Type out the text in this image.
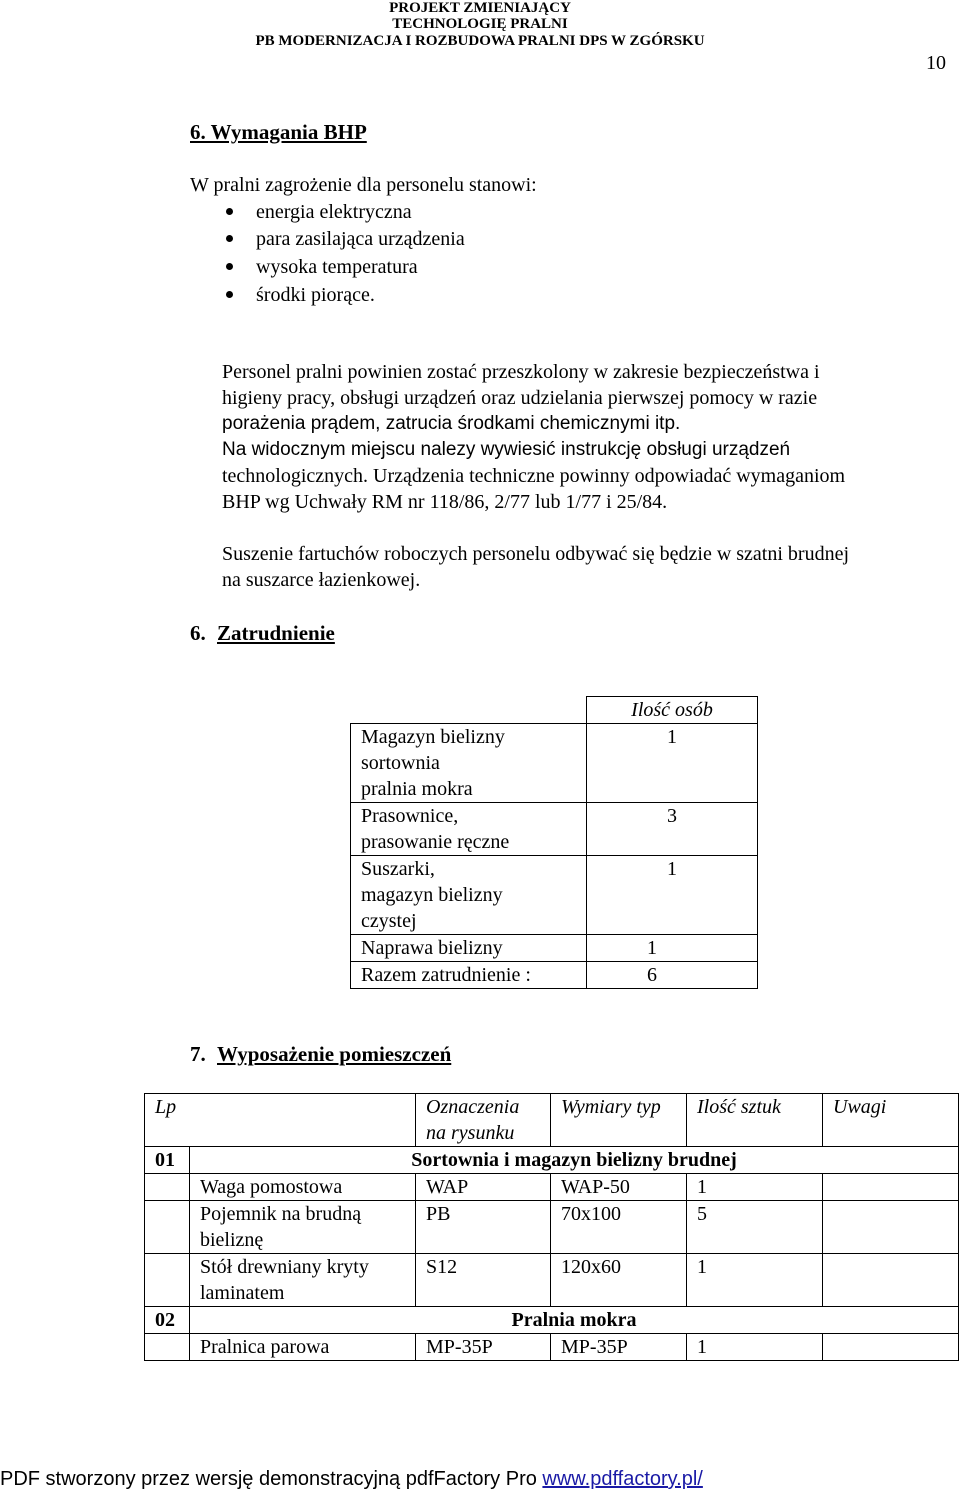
PROJEKT ZMIENIAJĄCY
TECHNOLOGIĘ PRALNI
PB MODERNIZACJA I ROZBUDOWA PRALNI DPS W ZGÓRSKU
10
6. Wymagania BHP
W pralni zagrożenie dla personelu stanowi:
energia elektryczna
para zasilająca urządzenia
wysoka temperatura
środki piorące.
Personel pralni powinien zostać przeszkolony w zakresie bezpieczeństwa i
higieny pracy, obsługi urządzeń oraz udzielania pierwszej pomocy w razie
porażenia prądem, zatrucia środkami chemicznymi itp.
Na widocznym miejscu nalezy wywiesić instrukcję obsługi urządzeń
technologicznych. Urządzenia techniczne powinny odpowiadać wymaganiom
BHP wg Uchwały RM nr 118/86, 2/77 lub 1/77 i 25/84.
Suszenie fartuchów roboczych personelu odbywać się będzie w szatni brudnej
na suszarce łazienkowej.
6. Zatrudnienie
	Ilość osób
Magazyn bielizny
sortownia
pralnia mokra	1
Prasownice,
prasowanie ręczne	3
Suszarki,
magazyn bielizny
czystej	1
Naprawa bielizny	1
Razem zatrudnienie :	6
7. Wyposażenie pomieszczeń
Lp		Oznaczenia na rysunku	Wymiary typ	Ilość sztuk	Uwagi
01	Sortownia i magazyn bielizny brudnej				
	Waga pomostowa	WAP	WAP-50	1	
	Pojemnik na brudną bieliznę	PB	70x100	5	
	Stół drewniany kryty laminatem	S12	120x60	1	
02	Pralnia mokra				
	Pralnica parowa	MP-35P	MP-35P	1	
PDF stworzony przez wersję demonstracyjną pdfFactory Pro www.pdffactory.pl/
